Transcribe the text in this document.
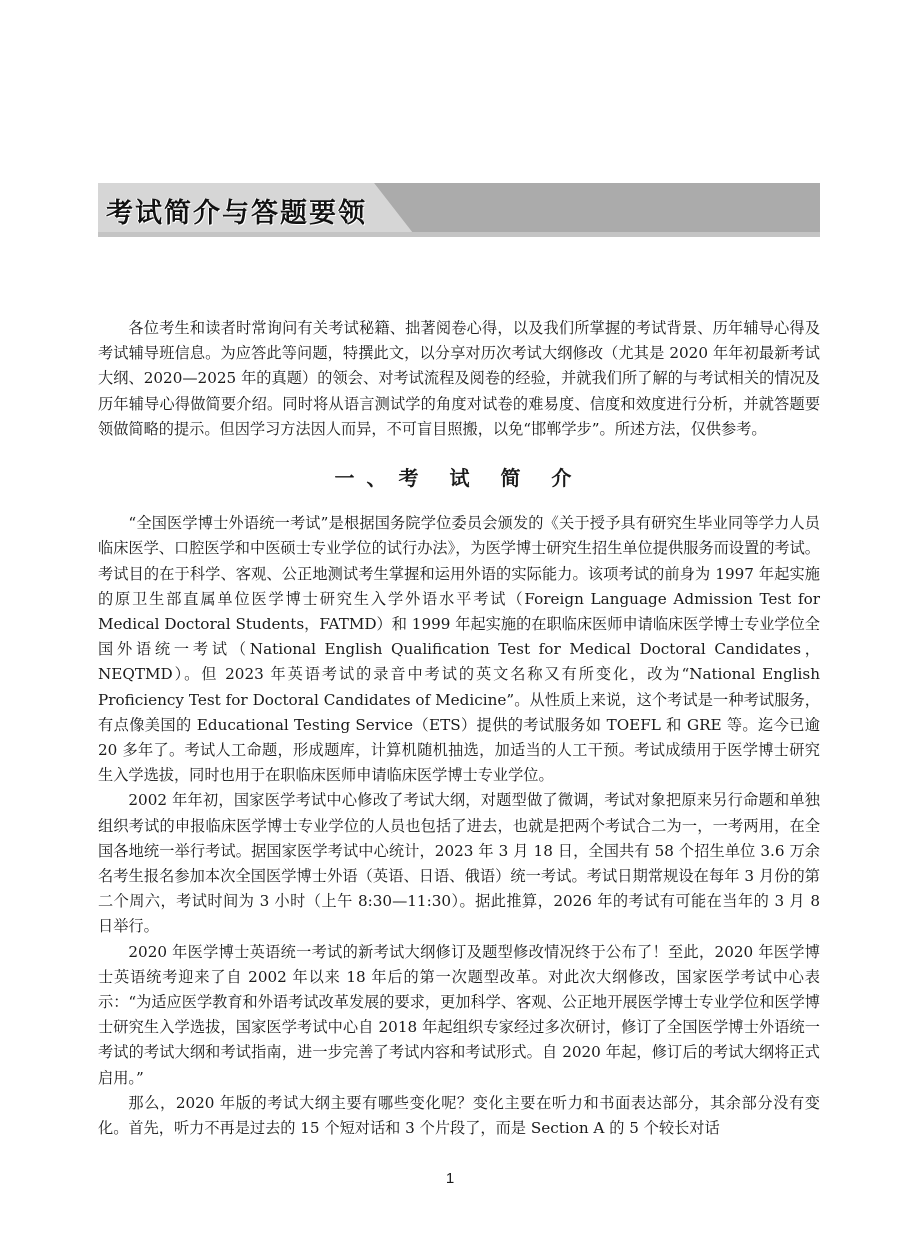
考试简介与答题要领

各位考生和读者时常询问有关考试秘籍、拙著阅卷心得，以及我们所掌握的考试背景、历年辅导心得及考试辅导班信息。为应答此等问题，特撰此文，以分享对历次考试大纲修改（尤其是 2020 年年初最新考试大纲、2020—2025 年的真题）的领会、对考试流程及阅卷的经验，并就我们所了解的与考试相关的情况及历年辅导心得做简要介绍。同时将从语言测试学的角度对试卷的难易度、信度和效度进行分析，并就答题要领做简略的提示。但因学习方法因人而异，不可盲目照搬，以免“邯郸学步”。所述方法，仅供参考。

一、考 试 简 介

“全国医学博士外语统一考试”是根据国务院学位委员会颁发的《关于授予具有研究生毕业同等学力人员临床医学、口腔医学和中医硕士专业学位的试行办法》，为医学博士研究生招生单位提供服务而设置的考试。考试目的在于科学、客观、公正地测试考生掌握和运用外语的实际能力。该项考试的前身为 1997 年起实施的原卫生部直属单位医学博士研究生入学外语水平考试（Foreign Language Admission Test for Medical Doctoral Students，FATMD）和 1999 年起实施的在职临床医师申请临床医学博士专业学位全国外语统一考试（National English Qualification Test for Medical Doctoral Candidates，NEQTMD）。但 2023 年英语考试的录音中考试的英文名称又有所变化，改为“National English Proficiency Test for Doctoral Candidates of Medicine”。从性质上来说，这个考试是一种考试服务，有点像美国的 Educational Testing Service（ETS）提供的考试服务如 TOEFL 和 GRE 等。迄今已逾 20 多年了。考试人工命题，形成题库，计算机随机抽选，加适当的人工干预。考试成绩用于医学博士研究生入学选拔，同时也用于在职临床医师申请临床医学博士专业学位。

2002 年年初，国家医学考试中心修改了考试大纲，对题型做了微调，考试对象把原来另行命题和单独组织考试的申报临床医学博士专业学位的人员也包括了进去，也就是把两个考试合二为一，一考两用，在全国各地统一举行考试。据国家医学考试中心统计，2023 年 3 月 18 日，全国共有 58 个招生单位 3.6 万余名考生报名参加本次全国医学博士外语（英语、日语、俄语）统一考试。考试日期常规设在每年 3 月份的第二个周六，考试时间为 3 小时（上午 8:30—11:30）。据此推算，2026 年的考试有可能在当年的 3 月 8 日举行。

2020 年医学博士英语统一考试的新考试大纲修订及题型修改情况终于公布了！至此，2020 年医学博士英语统考迎来了自 2002 年以来 18 年后的第一次题型改革。对此次大纲修改，国家医学考试中心表示：“为适应医学教育和外语考试改革发展的要求，更加科学、客观、公正地开展医学博士专业学位和医学博士研究生入学选拔，国家医学考试中心自 2018 年起组织专家经过多次研讨，修订了全国医学博士外语统一考试的考试大纲和考试指南，进一步完善了考试内容和考试形式。自 2020 年起，修订后的考试大纲将正式启用。”

那么，2020 年版的考试大纲主要有哪些变化呢？变化主要在听力和书面表达部分，其余部分没有变化。首先，听力不再是过去的 15 个短对话和 3 个片段了，而是 Section A 的 5 个较长对话

1
